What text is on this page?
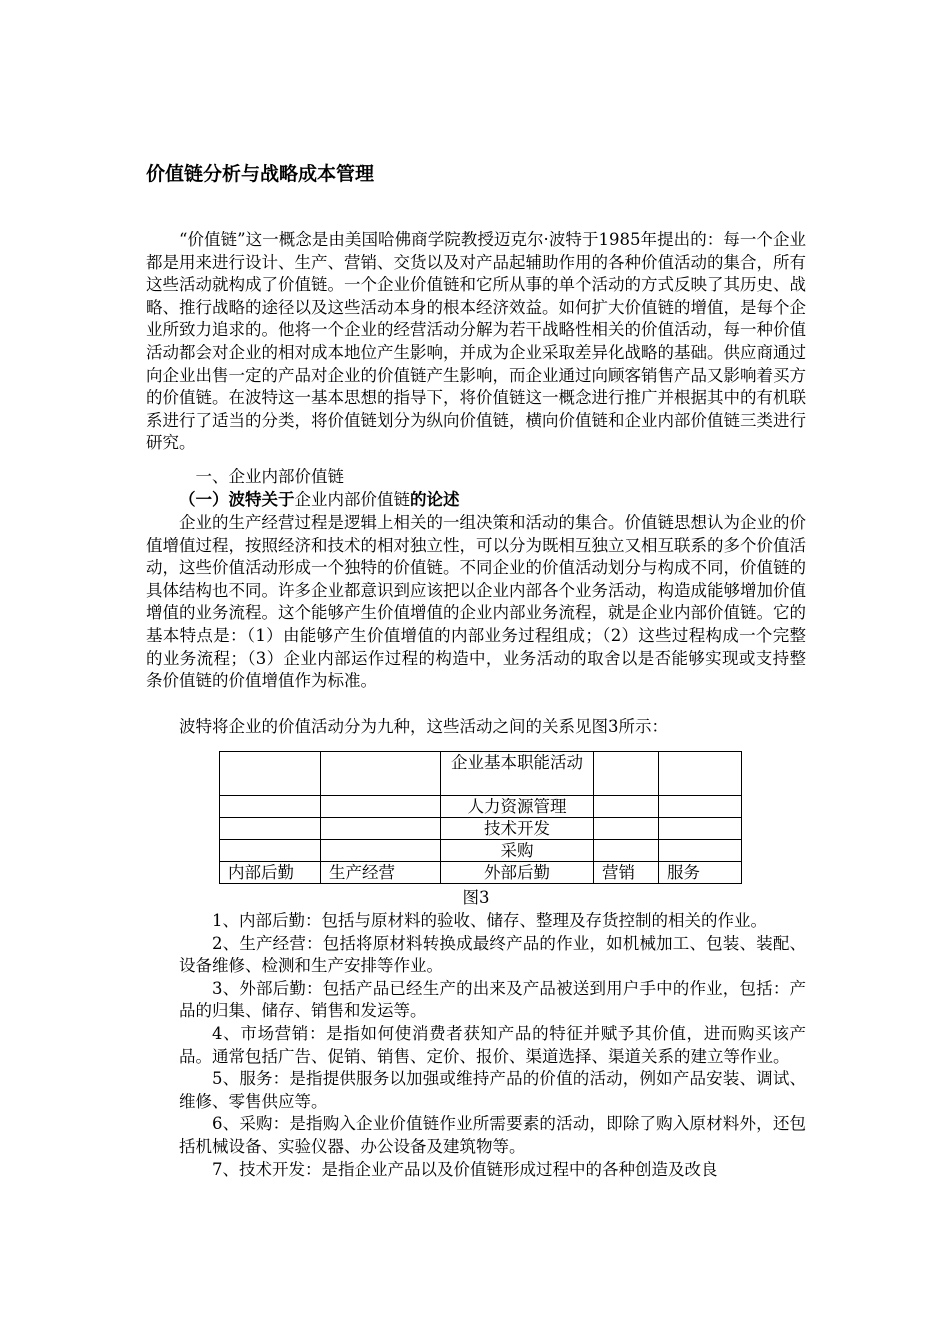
价值链分析与战略成本管理

“价值链”这一概念是由美国哈佛商学院教授迈克尔·波特于1985年提出的：每一个企业都是用来进行设计、生产、营销、交货以及对产品起辅助作用的各种价值活动的集合，所有这些活动就构成了价值链。一个企业价值链和它所从事的单个活动的方式反映了其历史、战略、推行战略的途径以及这些活动本身的根本经济效益。如何扩大价值链的增值，是每个企业所致力追求的。他将一个企业的经营活动分解为若干战略性相关的价值活动，每一种价值活动都会对企业的相对成本地位产生影响，并成为企业采取差异化战略的基础。供应商通过向企业出售一定的产品对企业的价值链产生影响，而企业通过向顾客销售产品又影响着买方的价值链。在波特这一基本思想的指导下，将价值链这一概念进行推广并根据其中的有机联系进行了适当的分类，将价值链划分为纵向价值链，横向价值链和企业内部价值链三类进行研究。

一、企业内部价值链

（一）波特关于企业内部价值链的论述

企业的生产经营过程是逻辑上相关的一组决策和活动的集合。价值链思想认为企业的价值增值过程，按照经济和技术的相对独立性，可以分为既相互独立又相互联系的多个价值活动，这些价值活动形成一个独特的价值链。不同企业的价值活动划分与构成不同，价值链的具体结构也不同。许多企业都意识到应该把以企业内部各个业务活动，构造成能够增加价值增值的业务流程。这个能够产生价值增值的企业内部业务流程，就是企业内部价值链。它的基本特点是：（1）由能够产生价值增值的内部业务过程组成；（2）这些过程构成一个完整的业务流程；（3）企业内部运作过程的构造中，业务活动的取舍以是否能够实现或支持整条价值链的价值增值作为标准。

波特将企业的价值活动分为九种，这些活动之间的关系见图3所示：

		企业基本职能活动		
		人力资源管理		
		技术开发		
		采购		
内部后勤	生产经营	外部后勤	营销	服务

图3

1、内部后勤：包括与原材料的验收、储存、整理及存货控制的相关的作业。

2、生产经营：包括将原材料转换成最终产品的作业，如机械加工、包装、装配、设备维修、检测和生产安排等作业。

3、外部后勤：包括产品已经生产的出来及产品被送到用户手中的作业，包括：产品的归集、储存、销售和发运等。

4、市场营销：是指如何使消费者获知产品的特征并赋予其价值，进而购买该产品。通常包括广告、促销、销售、定价、报价、渠道选择、渠道关系的建立等作业。

5、服务：是指提供服务以加强或维持产品的价值的活动，例如产品安装、调试、维修、零售供应等。

6、采购：是指购入企业价值链作业所需要素的活动，即除了购入原材料外，还包括机械设备、实验仪器、办公设备及建筑物等。

7、技术开发：是指企业产品以及价值链形成过程中的各种创造及改良
